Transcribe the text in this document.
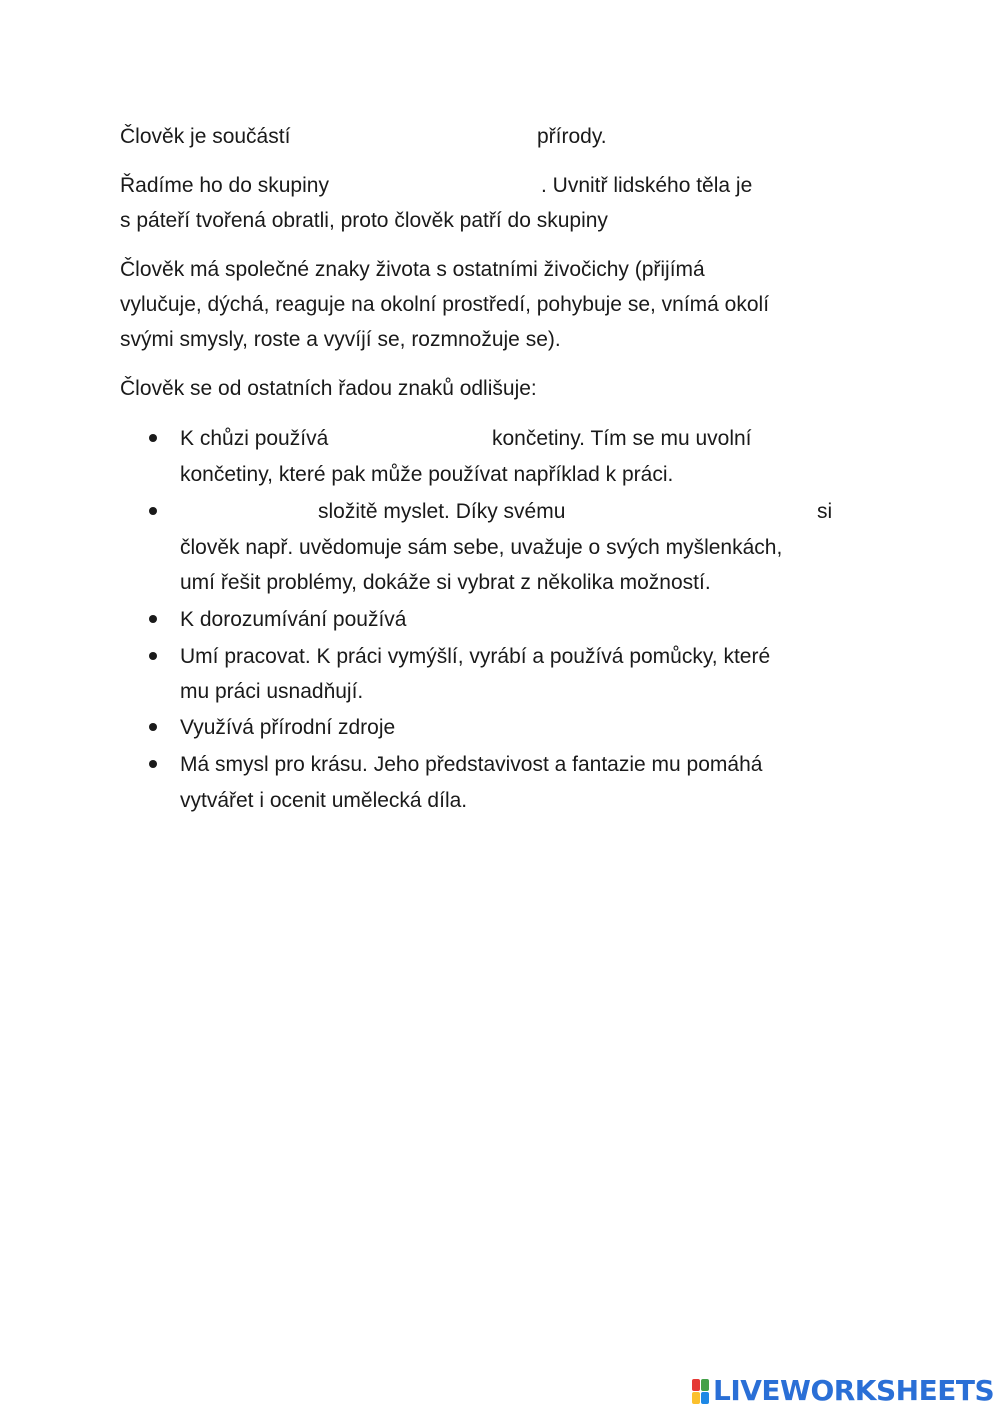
Člověk je součástí	přírody.
Řadíme ho do skupiny	. Uvnitř lidského těla je
s páteří tvořená obratli, proto člověk patří do skupiny
Člověk má společné znaky života s ostatními živočichy (přijímá
vylučuje, dýchá, reaguje na okolní prostředí, pohybuje se, vnímá okolí
svými smysly, roste a vyvíjí se, rozmnožuje se).
Člověk se od ostatních řadou znaků odlišuje:
K chůzi používá	končetiny. Tím se mu uvolní
končetiny, které pak může používat například k práci.
složitě myslet. Díky svému	si
člověk např. uvědomuje sám sebe, uvažuje o svých myšlenkách,
umí řešit problémy, dokáže si vybrat z několika možností.
K dorozumívání používá
Umí pracovat. K práci vymýšlí, vyrábí a používá pomůcky, které
mu práci usnadňují.
Využívá přírodní zdroje
Má smysl pro krásu. Jeho představivost a fantazie mu pomáhá
vytvářet i ocenit umělecká díla.
LIVEWORKSHEETS
